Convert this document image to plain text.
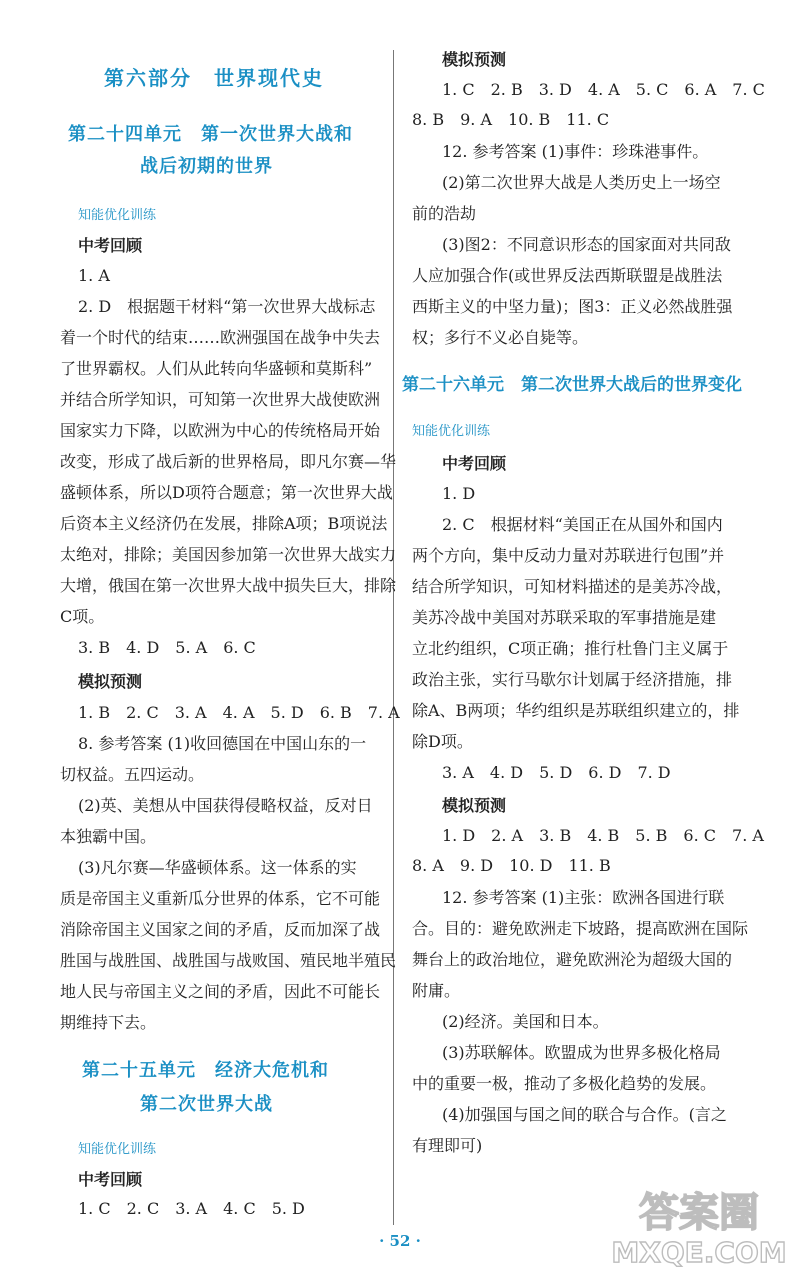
第六部分　世界现代史
第二十四单元　第一次世界大战和
战后初期的世界
知能优化训练
中考回顾
1. A
2. D　根据题干材料“第一次世界大战标志
着一个时代的结束……欧洲强国在战争中失去
了世界霸权。人们从此转向华盛顿和莫斯科”
并结合所学知识，可知第一次世界大战使欧洲
国家实力下降，以欧洲为中心的传统格局开始
改变，形成了战后新的世界格局，即凡尔赛—华
盛顿体系，所以D项符合题意；第一次世界大战
后资本主义经济仍在发展，排除A项；B项说法
太绝对，排除；美国因参加第一次世界大战实力
大增，俄国在第一次世界大战中损失巨大，排除
C项。
3. B　4. D　5. A　6. C
模拟预测
1. B　2. C　3. A　4. A　5. D　6. B　7. A
8. 参考答案 (1)收回德国在中国山东的一
切权益。五四运动。
(2)英、美想从中国获得侵略权益，反对日
本独霸中国。
(3)凡尔赛—华盛顿体系。这一体系的实
质是帝国主义重新瓜分世界的体系，它不可能
消除帝国主义国家之间的矛盾，反而加深了战
胜国与战胜国、战胜国与战败国、殖民地半殖民
地人民与帝国主义之间的矛盾，因此不可能长
期维持下去。
第二十五单元　经济大危机和
第二次世界大战
知能优化训练
中考回顾
1. C　2. C　3. A　4. C　5. D
模拟预测
1. C　2. B　3. D　4. A　5. C　6. A　7. C
8. B　9. A　10. B　11. C
12. 参考答案 (1)事件：珍珠港事件。
(2)第二次世界大战是人类历史上一场空
前的浩劫
(3)图2：不同意识形态的国家面对共同敌
人应加强合作(或世界反法西斯联盟是战胜法
西斯主义的中坚力量)；图3：正义必然战胜强
权；多行不义必自毙等。
第二十六单元　第二次世界大战后的世界变化
知能优化训练
中考回顾
1. D
2. C　根据材料“美国正在从国外和国内
两个方向，集中反动力量对苏联进行包围”并
结合所学知识，可知材料描述的是美苏冷战，
美苏冷战中美国对苏联采取的军事措施是建
立北约组织，C项正确；推行杜鲁门主义属于
政治主张，实行马歇尔计划属于经济措施，排
除A、B两项；华约组织是苏联组织建立的，排
除D项。
3. A　4. D　5. D　6. D　7. D
模拟预测
1. D　2. A　3. B　4. B　5. B　6. C　7. A
8. A　9. D　10. D　11. B
12. 参考答案 (1)主张：欧洲各国进行联
合。目的：避免欧洲走下坡路，提高欧洲在国际
舞台上的政治地位，避免欧洲沦为超级大国的
附庸。
(2)经济。美国和日本。
(3)苏联解体。欧盟成为世界多极化格局
中的重要一极，推动了多极化趋势的发展。
(4)加强国与国之间的联合与合作。(言之
有理即可)
· 52 ·
答案圈
MXQE.COM
